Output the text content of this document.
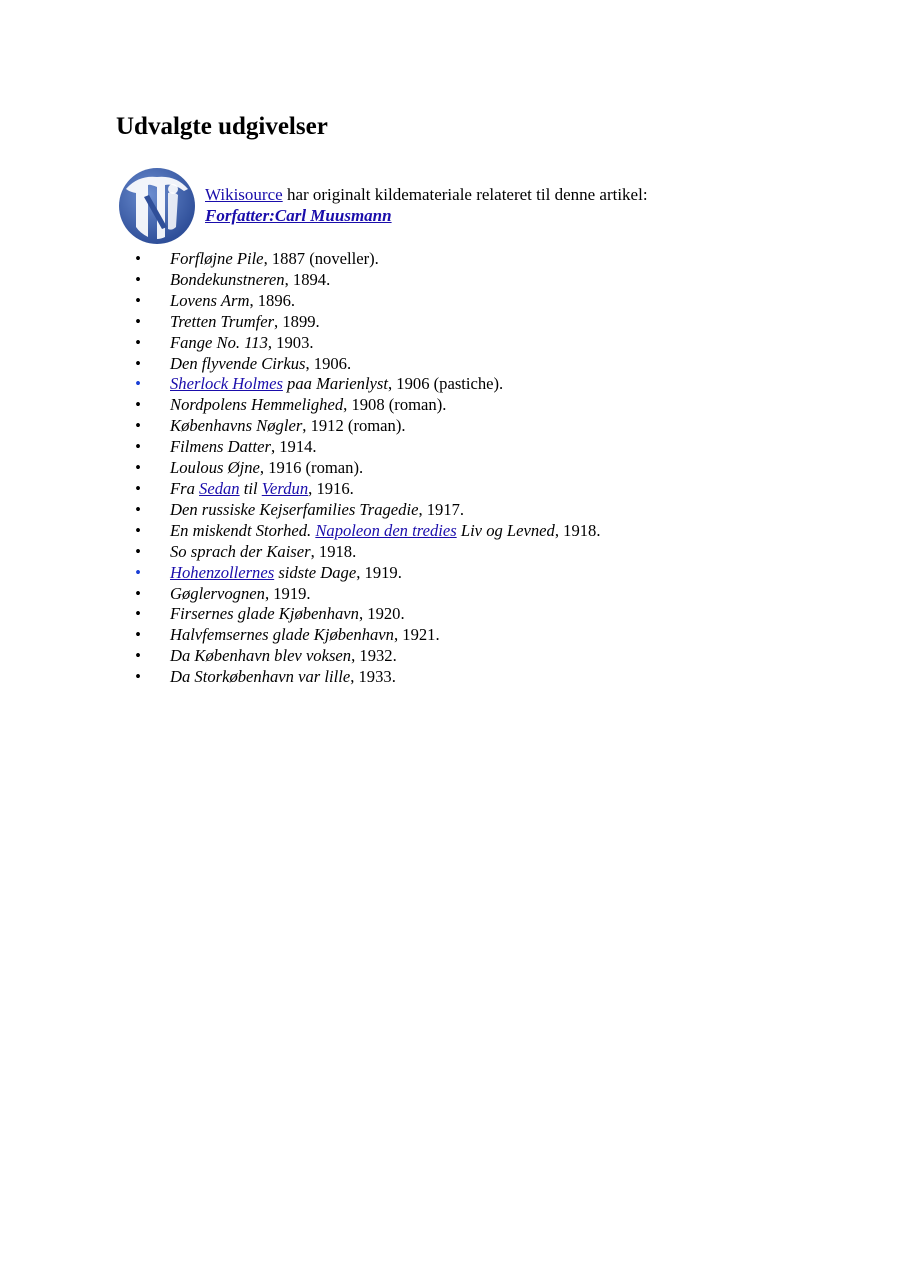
Udvalgte udgivelser
Wikisource har originalt kildemateriale relateret til denne artikel:
Forfatter:Carl Muusmann
• Forfløjne Pile, 1887 (noveller).
• Bondekunstneren, 1894.
• Lovens Arm, 1896.
• Tretten Trumfer, 1899.
• Fange No. 113, 1903.
• Den flyvende Cirkus, 1906.
• Sherlock Holmes paa Marienlyst, 1906 (pastiche).
• Nordpolens Hemmelighed, 1908 (roman).
• Københavns Nøgler, 1912 (roman).
• Filmens Datter, 1914.
• Loulous Øjne, 1916 (roman).
• Fra Sedan til Verdun, 1916.
• Den russiske Kejserfamilies Tragedie, 1917.
• En miskendt Storhed. Napoleon den tredies Liv og Levned, 1918.
• So sprach der Kaiser, 1918.
• Hohenzollernes sidste Dage, 1919.
• Gøglervognen, 1919.
• Firsernes glade Kjøbenhavn, 1920.
• Halvfemsernes glade Kjøbenhavn, 1921.
• Da København blev voksen, 1932.
• Da Storkøbenhavn var lille, 1933.
